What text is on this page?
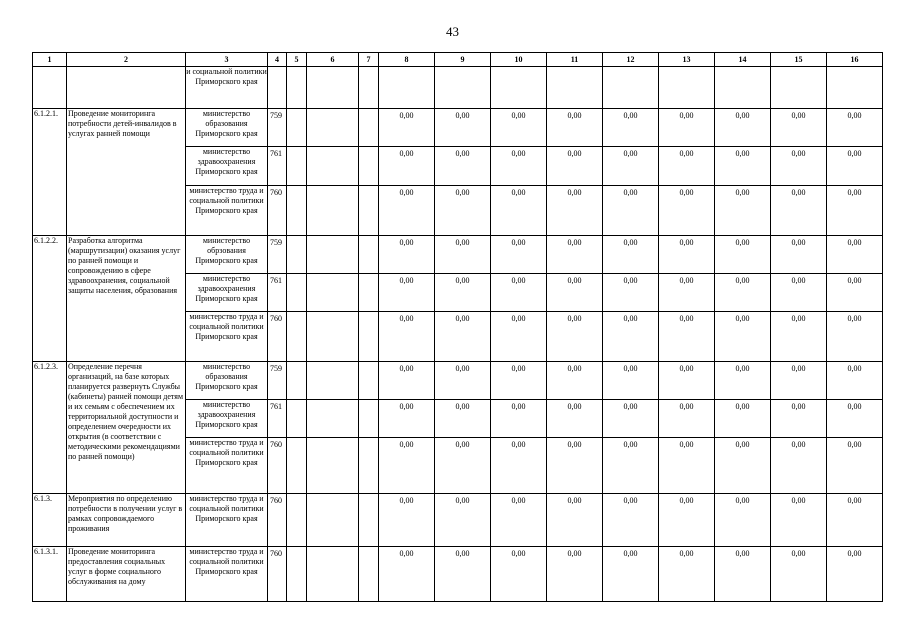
43
1	2	3	4	5	6	7	8	9	10	11	12	13	14	15	16
		и социальной политики Приморского края													
6.1.2.1.	Проведение мониторинга потребности детей-инвалидов в услугах ранней помощи	министерство образования Приморского края	759				0,00	0,00	0,00	0,00	0,00	0,00	0,00	0,00	0,00
		министерство здравоохранения Приморского края	761				0,00	0,00	0,00	0,00	0,00	0,00	0,00	0,00	0,00
		министерство труда и социальной политики Приморского края	760				0,00	0,00	0,00	0,00	0,00	0,00	0,00	0,00	0,00
6.1.2.2.	Разработка алгоритма (маршрутизации) оказания услуг по ранней помощи и сопровождению в сфере здравоохранения, социальной защиты населения, образования	министерство обрзования Приморского края	759				0,00	0,00	0,00	0,00	0,00	0,00	0,00	0,00	0,00
		министерство здравоохранения Приморского края	761				0,00	0,00	0,00	0,00	0,00	0,00	0,00	0,00	0,00
		министерство труда и социальной политики Приморского края	760				0,00	0,00	0,00	0,00	0,00	0,00	0,00	0,00	0,00
6.1.2.3.	Определение перечня организаций, на базе которых планируется развернуть Службы (кабинеты) ранней помощи детям и их семьям с обеспечением их территориальной доступности и определением очередности их открытия (в соответствии с методическими рекомендациями по ранней помощи)	министерство образования Приморского края	759				0,00	0,00	0,00	0,00	0,00	0,00	0,00	0,00	0,00
		министерство здравоохранения Приморского края	761				0,00	0,00	0,00	0,00	0,00	0,00	0,00	0,00	0,00
		министерство труда и социальной политики Приморского края	760				0,00	0,00	0,00	0,00	0,00	0,00	0,00	0,00	0,00
6.1.3.	Мероприятия по определению потребности в получении услуг в рамках сопровождаемого проживания	министерство труда и социальной политики Приморского края	760				0,00	0,00	0,00	0,00	0,00	0,00	0,00	0,00	0,00
6.1.3.1.	Проведение мониторинга предоставления социальных услуг в форме социального обслуживания на дому	министерство труда и социальной политики Приморского края	760				0,00	0,00	0,00	0,00	0,00	0,00	0,00	0,00	0,00
